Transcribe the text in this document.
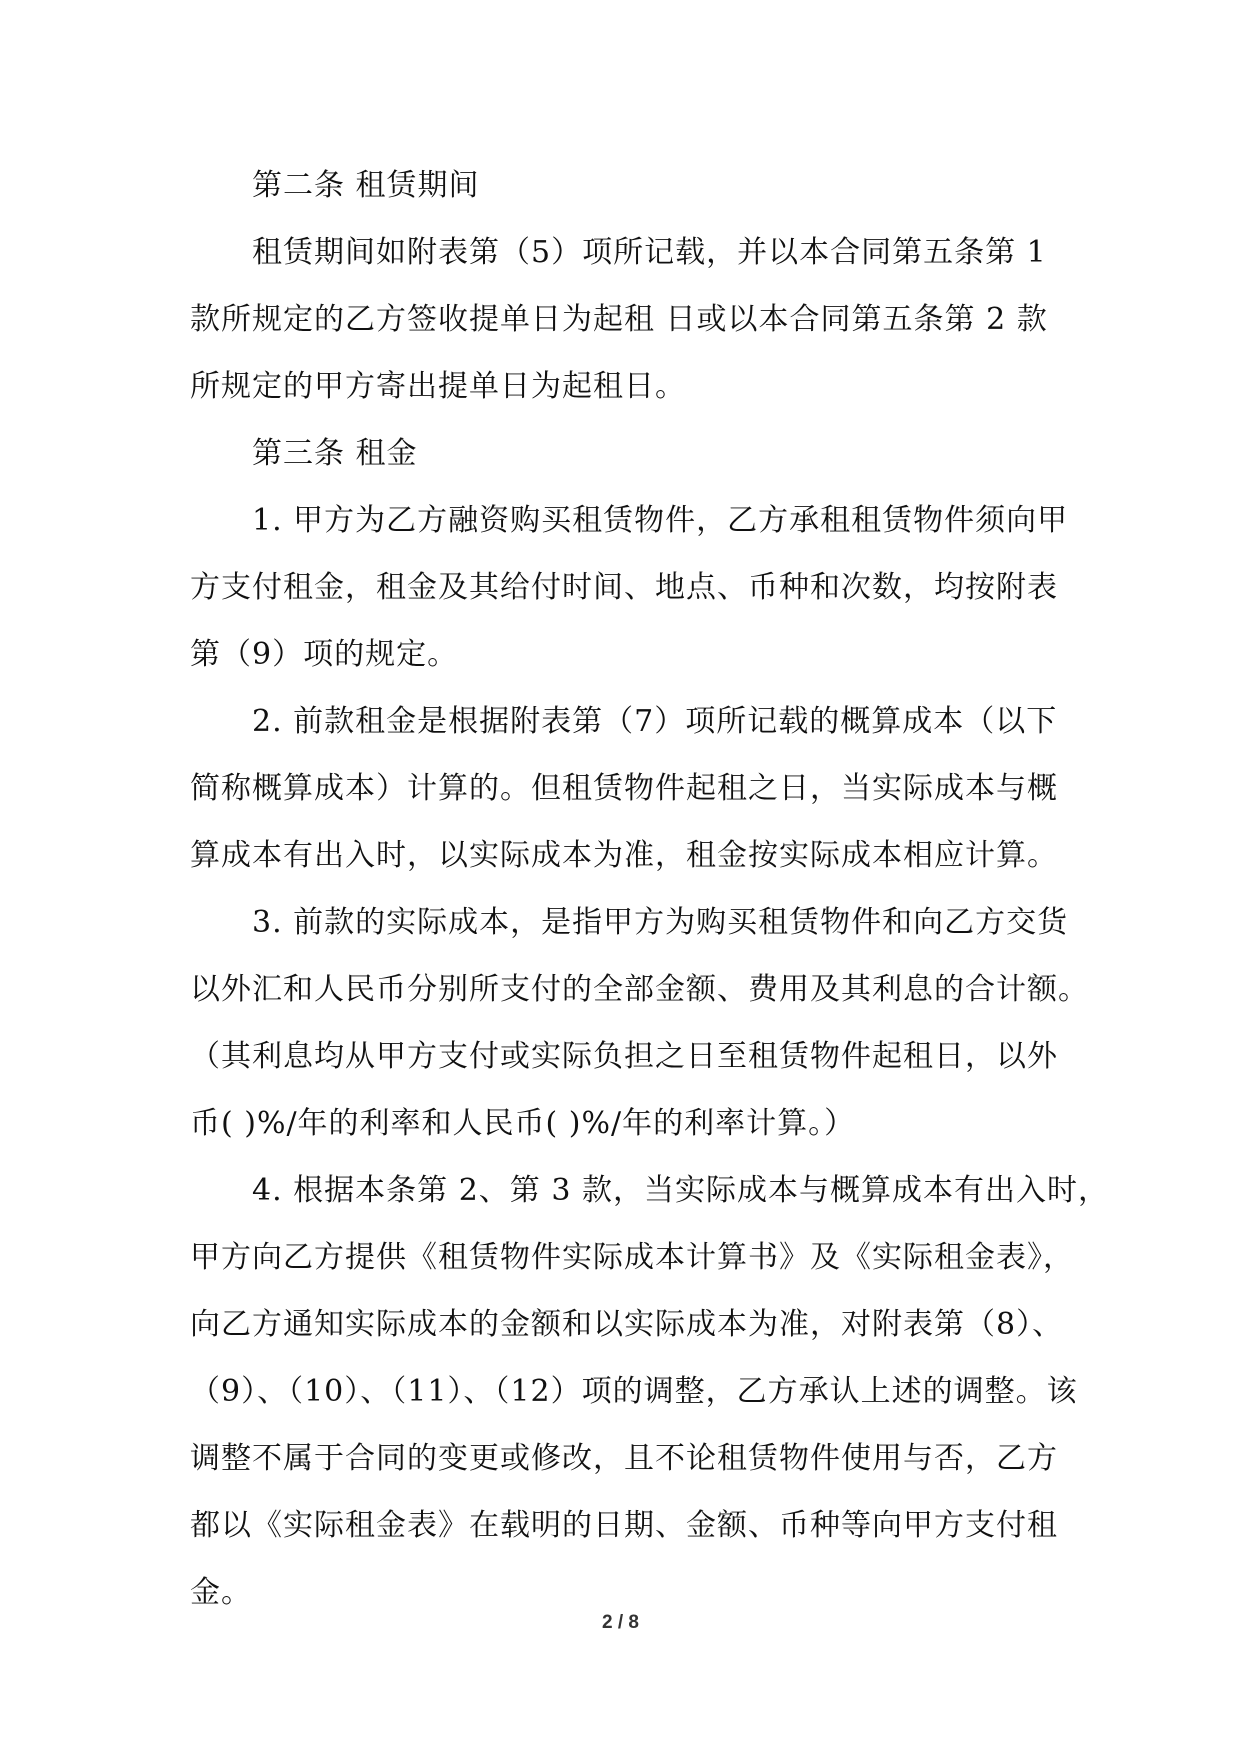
第二条 租赁期间
租赁期间如附表第（5）项所记载，并以本合同第五条第 1
款所规定的乙方签收提单日为起租 日或以本合同第五条第 2 款
所规定的甲方寄出提单日为起租日。
第三条 租金
1. 甲方为乙方融资购买租赁物件，乙方承租租赁物件须向甲
方支付租金，租金及其给付时间、地点、币种和次数，均按附表
第（9）项的规定。
2. 前款租金是根据附表第（7）项所记载的概算成本（以下
简称概算成本）计算的。但租赁物件起租之日，当实际成本与概
算成本有出入时，以实际成本为准，租金按实际成本相应计算。
3. 前款的实际成本，是指甲方为购买租赁物件和向乙方交货
以外汇和人民币分别所支付的全部金额、费用及其利息的合计额。
（其利息均从甲方支付或实际负担之日至租赁物件起租日，以外
币( )%/年的利率和人民币( )%/年的利率计算。）
4. 根据本条第 2、第 3 款，当实际成本与概算成本有出入时，
甲方向乙方提供《租赁物件实际成本计算书》及《实际租金表》，
向乙方通知实际成本的金额和以实际成本为准，对附表第（8）、
（9）、（10）、（11）、（12）项的调整，乙方承认上述的调整。该
调整不属于合同的变更或修改，且不论租赁物件使用与否，乙方
都以《实际租金表》在载明的日期、金额、币种等向甲方支付租
金。
2 / 8
